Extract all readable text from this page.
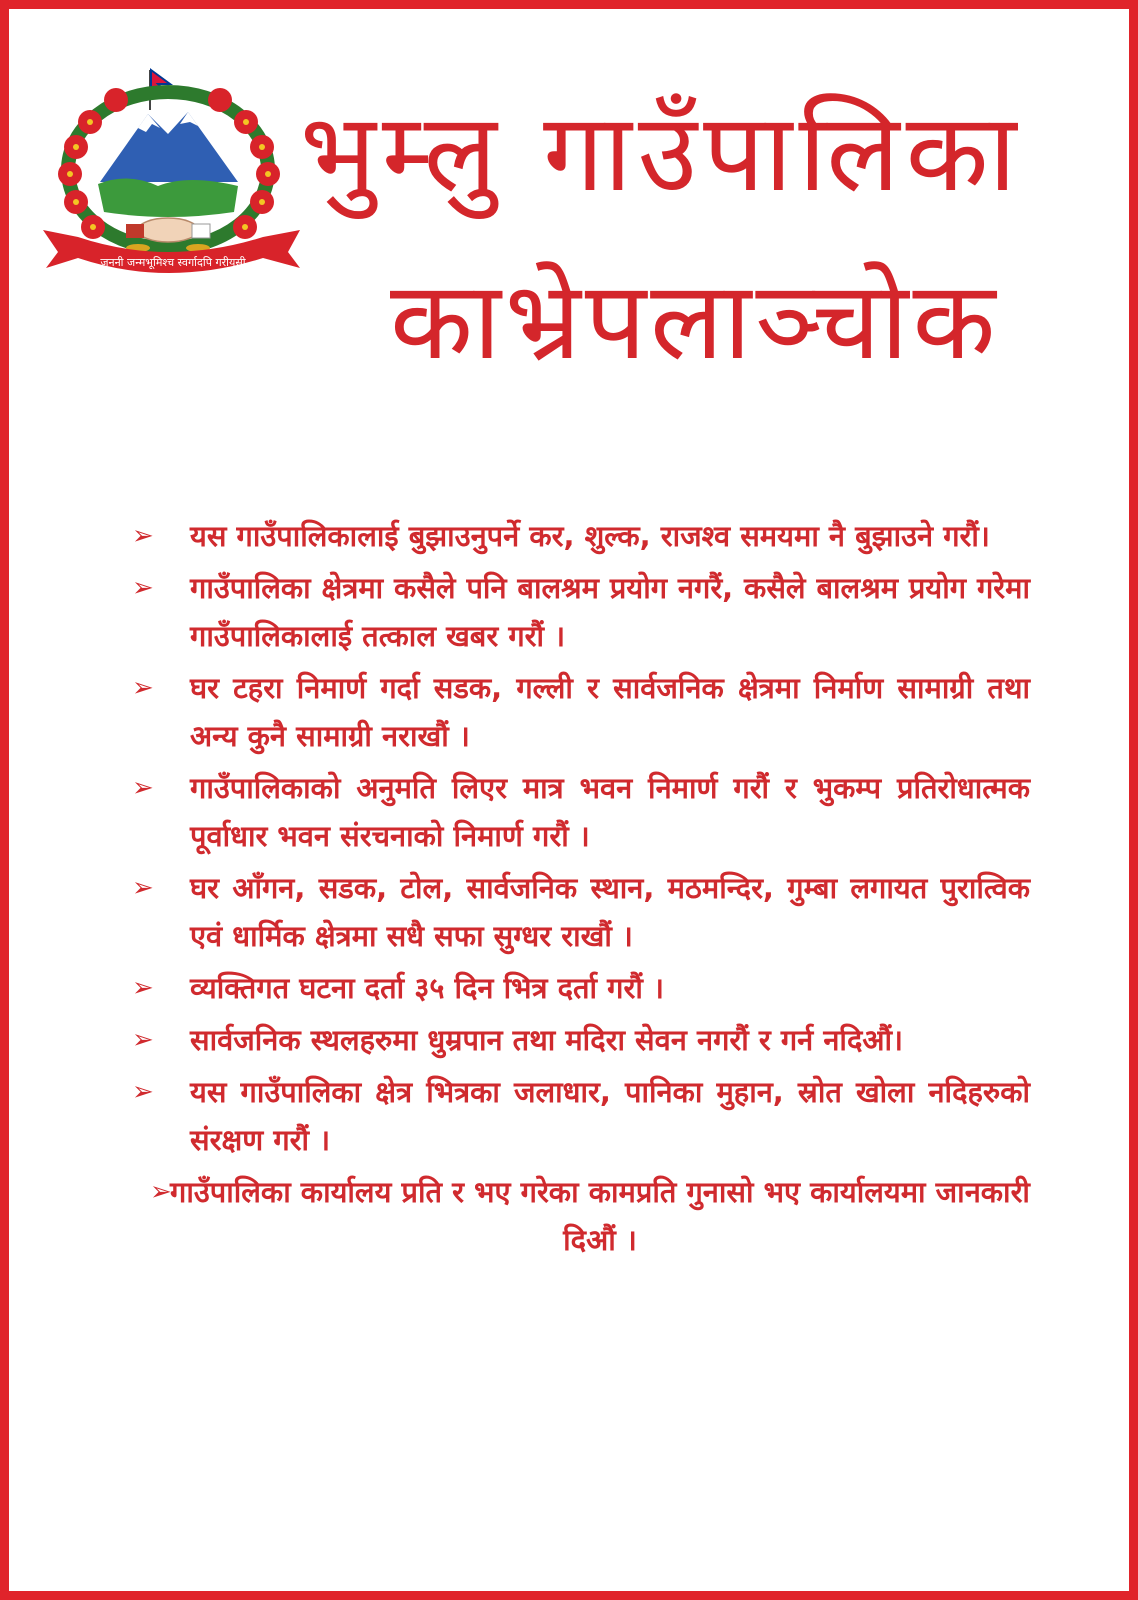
जननी जन्मभूमिश्च स्वर्गादपि गरीयसी
भुम्लु गाउँपालिका
काभ्रेपलाञ्चोक
➢ यस गाउँपालिकालाई बुझाउनुपर्ने कर, शुल्क, राजश्व समयमा नै बुझाउने गरौं।
➢ गाउँपालिका क्षेत्रमा कसैले पनि बालश्रम प्रयोग नगरैं, कसैले बालश्रम प्रयोग गरेमा गाउँपालिकालाई तत्काल खबर गरौं ।
➢ घर टहरा निमार्ण गर्दा सडक, गल्ली र सार्वजनिक क्षेत्रमा निर्माण सामाग्री तथा अन्य कुनै सामाग्री नराखौं ।
➢ गाउँपालिकाको अनुमति लिएर मात्र भवन निमार्ण गरौं र भुकम्प प्रतिरोधात्मक पूर्वाधार भवन संरचनाको निमार्ण गरौं ।
➢ घर आँगन, सडक, टोल, सार्वजनिक स्थान, मठमन्दिर, गुम्बा लगायत पुरात्विक एवं धार्मिक क्षेत्रमा सधै सफा सुग्धर राखौं ।
➢ व्यक्तिगत घटना दर्ता ३५ दिन भित्र दर्ता गरौं ।
➢ सार्वजनिक स्थलहरुमा धुम्रपान तथा मदिरा सेवन नगरौं र गर्न नदिऔं।
➢ यस गाउँपालिका क्षेत्र भित्रका जलाधार, पानिका मुहान, स्रोत खोला नदिहरुको संरक्षण गरौं ।
➢
गाउँपालिका कार्यालय प्रति र भए गरेका कामप्रति गुनासो भए कार्यालयमा जानकारी दिऔं ।
